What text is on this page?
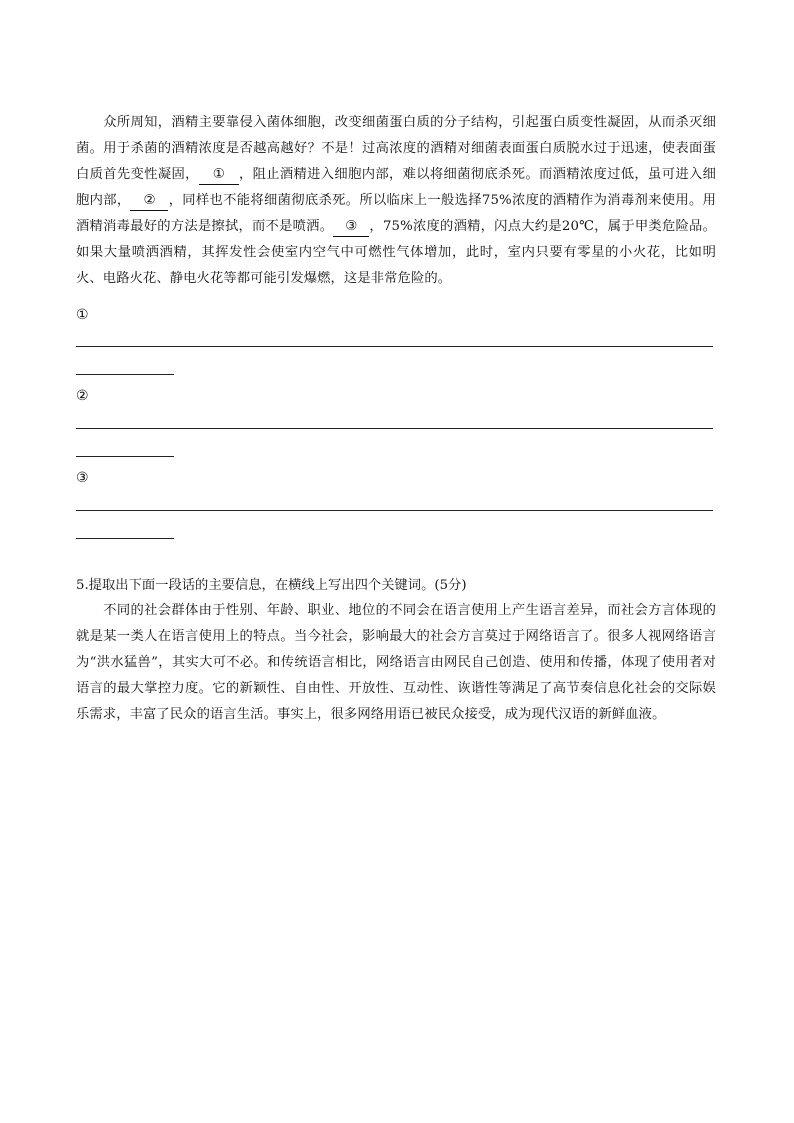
众所周知，酒精主要靠侵入菌体细胞，改变细菌蛋白质的分子结构，引起蛋白质变性凝固，从而杀灭细菌。用于杀菌的酒精浓度是否越高越好？不是！过高浓度的酒精对细菌表面蛋白质脱水过于迅速，使表面蛋白质首先变性凝固， ① ，阻止酒精进入细胞内部，难以将细菌彻底杀死。而酒精浓度过低，虽可进入细胞内部， ② ，同样也不能将细菌彻底杀死。所以临床上一般选择75%浓度的酒精作为消毒剂来使用。用酒精消毒最好的方法是擦拭，而不是喷洒。 ③ ，75%浓度的酒精，闪点大约是20℃，属于甲类危险品。如果大量喷洒酒精，其挥发性会使室内空气中可燃性气体增加，此时，室内只要有零星的小火花，比如明火、电路火花、静电火花等都可能引发爆燃，这是非常危险的。
①
②
③
5.提取出下面一段话的主要信息，在横线上写出四个关键词。(5分)
不同的社会群体由于性别、年龄、职业、地位的不同会在语言使用上产生语言差异，而社会方言体现的就是某一类人在语言使用上的特点。当今社会，影响最大的社会方言莫过于网络语言了。很多人视网络语言为“洪水猛兽”，其实大可不必。和传统语言相比，网络语言由网民自己创造、使用和传播，体现了使用者对语言的最大掌控力度。它的新颖性、自由性、开放性、互动性、诙谐性等满足了高节奏信息化社会的交际娱乐需求，丰富了民众的语言生活。事实上，很多网络用语已被民众接受，成为现代汉语的新鲜血液。
